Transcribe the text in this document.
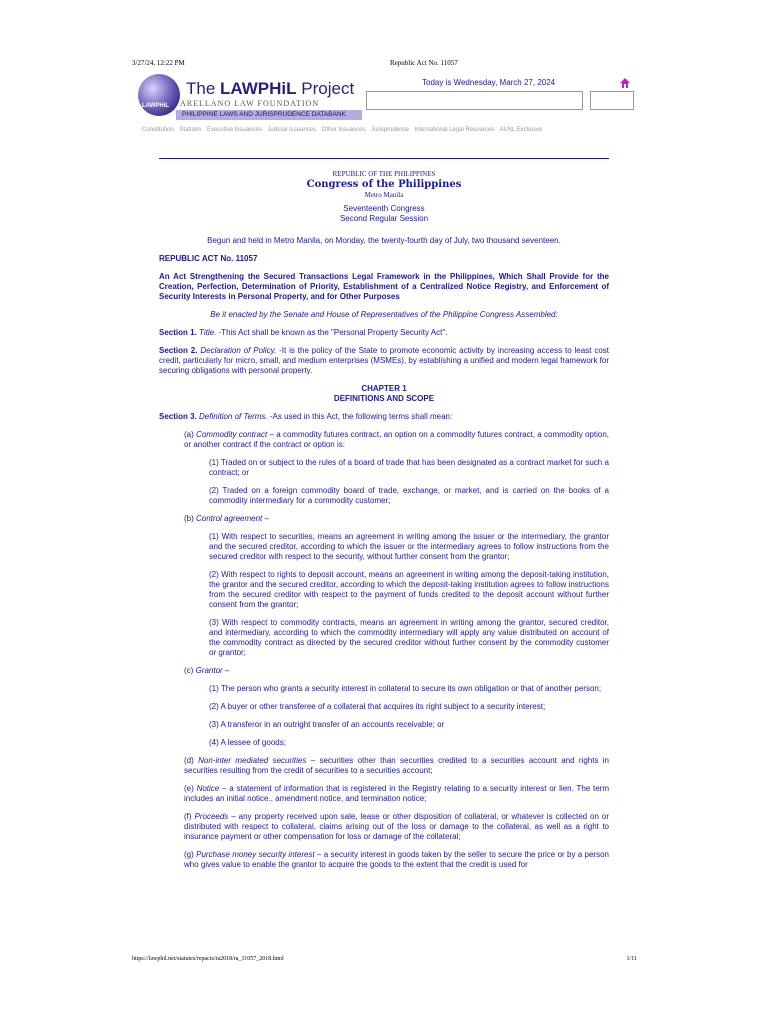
3/27/24, 12:22 PM	Republic Act No. 11057
LAWPHiL
The LAWPHiL Project
ARELLANO LAW FOUNDATION
PHILIPPINE LAWS AND JURISPRUDENCE DATABANK
Today is Wednesday, March 27, 2024
Constitution Statutes Executive Issuances Judicial Issuances Other Issuances Jurisprudence International Legal Resources AUSL Exclusive
REPUBLIC OF THE PHILIPPINES
Congress of the Philippines
Metro Manila
Seventeenth Congress
Second Regular Session

Begun and held in Metro Manila, on Monday, the twenty-fourth day of July, two thousand seventeen.

REPUBLIC ACT No. 11057

An Act Strengthening the Secured Transactions Legal Framework in the Philippines, Which Shall Provide for the Creation, Perfection, Determination of Priority, Establishment of a Centralized Notice Registry, and Enforcement of Security Interests in Personal Property, and for Other Purposes

Be it enacted by the Senate and House of Representatives of the Philippine Congress Assembled:

Section 1. Title. -This Act shall be known as the "Personal Property Security Act".

Section 2. Declaration of Policy. -It is the policy of the State to promote economic activity by increasing access to least cost credit, particularly for micro, small, and medium enterprises (MSMEs), by establishing a unified and modern legal framework for securing obligations with personal property.

CHAPTER 1
DEFINITIONS AND SCOPE

Section 3. Definition of Terms. -As used in this Act, the following terms shall mean:

(a) Commodity contract – a commodity futures contract, an option on a commodity futures contract, a commodity option, or another contract if the contract or option is:

(1) Traded on or subject to the rules of a board of trade that has been designated as a contract market for such a contract; or

(2) Traded on a foreign commodity board of trade, exchange, or market, and is carried on the books of a commodity intermediary for a commodity customer;

(b) Control agreement –

(1) With respect to securities, means an agreement in writing among the issuer or the intermediary, the grantor and the secured creditor, according to which the issuer or the intermediary agrees to follow instructions from the secured creditor with respect to the security, without further consent from the grantor;

(2) With respect to rights to deposit account, means an agreement in writing among the deposit-taking institution, the grantor and the secured creditor, according to which the deposit-taking institution agrees to follow instructions from the secured creditor with respect to the payment of funds credited to the deposit account without further consent from the grantor;

(3) With respect to commodity contracts, means an agreement in writing among the grantor, secured creditor, and intermediary, according to which the commodity intermediary will apply any value distributed on account of the commodity contract as directed by the secured creditor without further consent by the commodity customer or grantor;

(c) Grantor –

(1) The person who grants a security interest in collateral to secure its own obligation or that of another person;

(2) A buyer or other transferee of a collateral that acquires its right subject to a security interest;

(3) A transferor in an outright transfer of an accounts receivable; or

(4) A lessee of goods;

(d) Non-inter mediated securities – securities other than securities credited to a securities account and rights in securities resulting from the credit of securities to a securities account;

(e) Notice – a statement of information that is registered in the Registry relating to a security interest or lien. The term includes an initial notice., amendment notice, and termination notice;

(f) Proceeds – any property received upon sale, lease or other disposition of collateral, or whatever is collected on or distributed with respect to collateral, claims arising out of the loss or damage to the collateral, as well as a right to insurance payment or other compensation for loss or damage of the collateral;

(g) Purchase money security interest – a security interest in goods taken by the seller to secure the price or by a person who gives value to enable the grantor to acquire the goods to the extent that the credit is used for

https://lawphil.net/statutes/repacts/ra2018/ra_11057_2018.html	1/11
